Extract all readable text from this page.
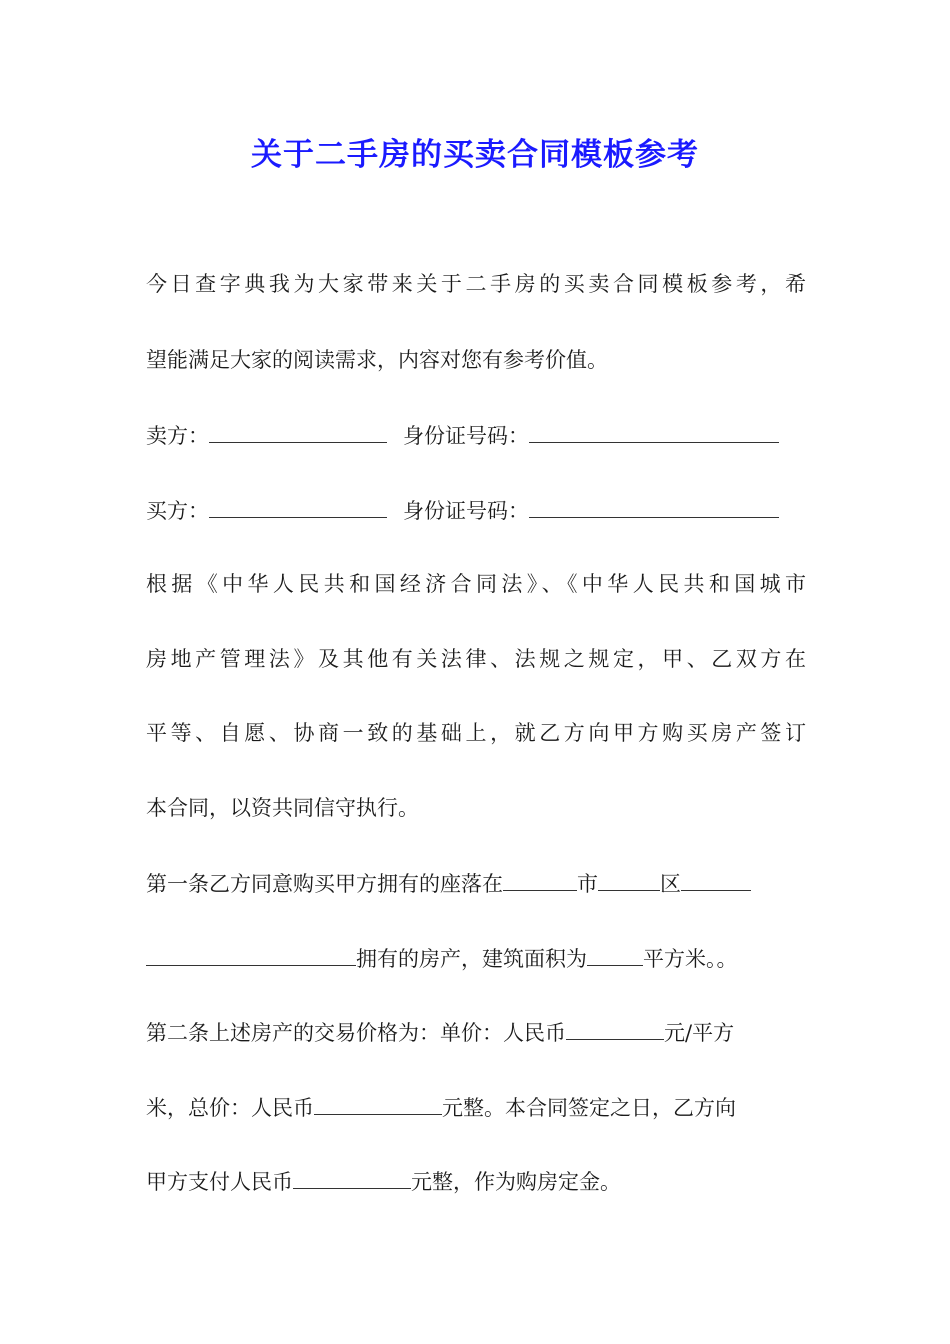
关于二手房的买卖合同模板参考
今日查字典我为大家带来关于二手房的买卖合同模板参考，希
望能满足大家的阅读需求，内容对您有参考价值。
卖方：	身份证号码：
买方：	身份证号码：
根据《中华人民共和国经济合同法》、《中华人民共和国城市
房地产管理法》及其他有关法律、法规之规定，甲、乙双方在
平等、自愿、协商一致的基础上，就乙方向甲方购买房产签订
本合同，以资共同信守执行。
第一条乙方同意购买甲方拥有的座落在	市	区
拥有的房产，建筑面积为	平方米。。
第二条上述房产的交易价格为：单价：人民币	元/平方
米，总价：人民币	元整。本合同签定之日，乙方向
甲方支付人民币	元整，作为购房定金。
